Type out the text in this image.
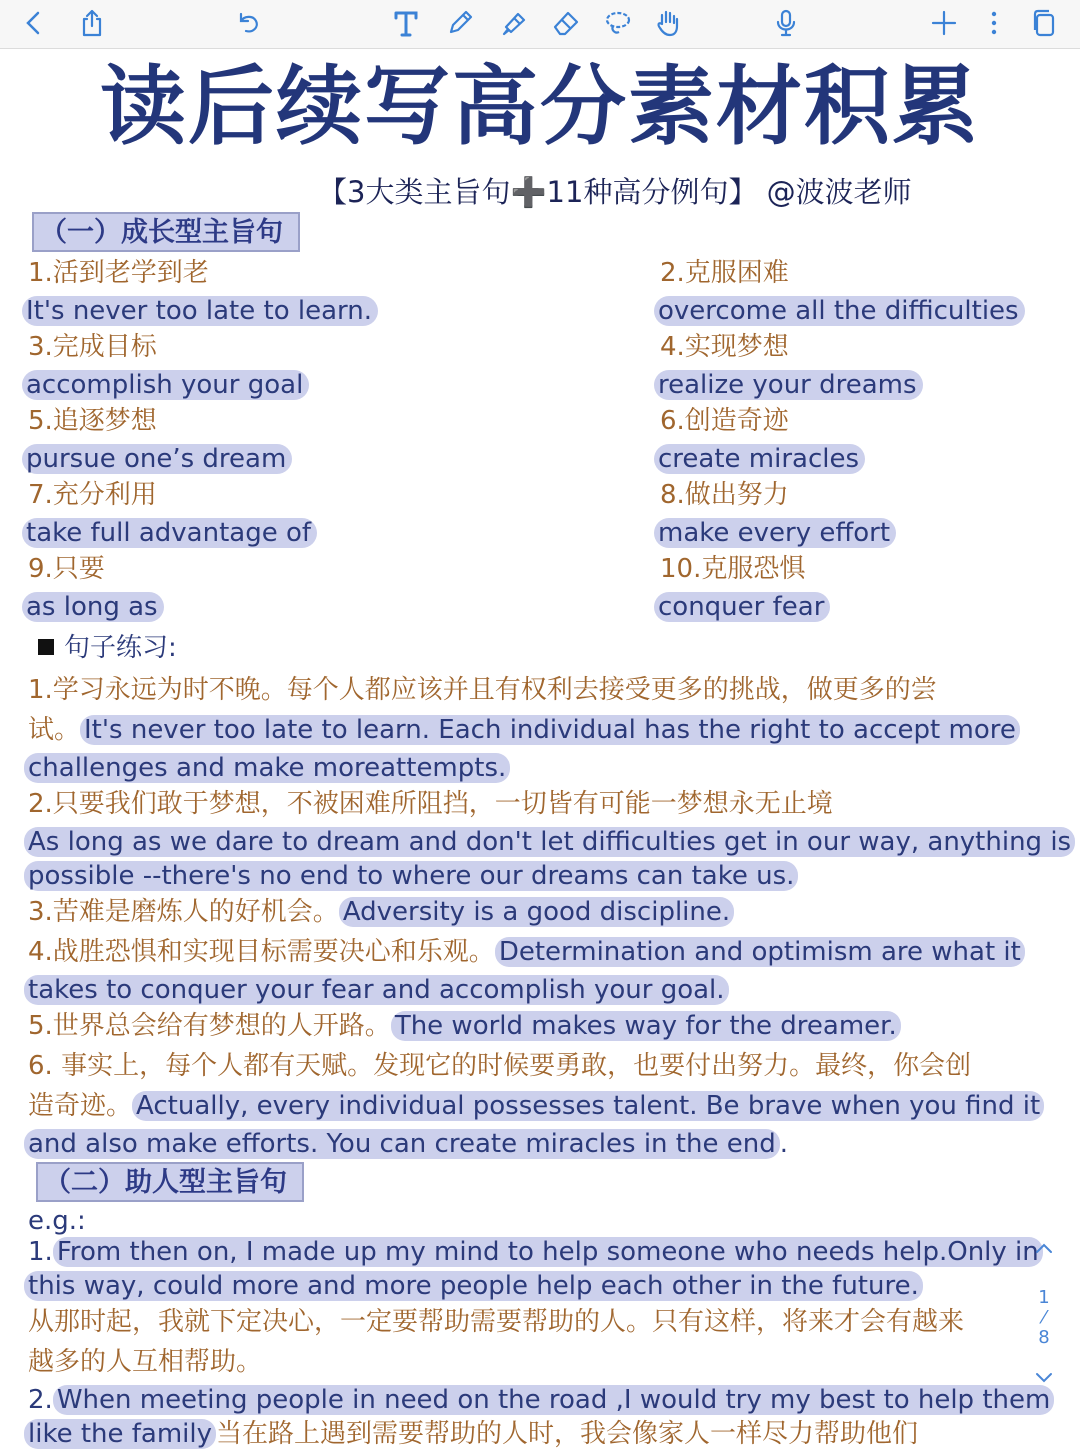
读后续写高分素材积累
【3大类主旨句➕11种高分例句】 @波波老师
（一）成长型主旨句
1.活到老学到老
It's never too late to learn.
2.克服困难
overcome all the difficulties
3.完成目标
accomplish your goal
4.实现梦想
realize your dreams
5.追逐梦想
pursue one’s dream
6.创造奇迹
create miracles
7.充分利用
take full advantage of
8.做出努力
make every effort
9.只要
as long as
10.克服恐惧
conquer fear
句子练习:
1.学习永远为时不晚。每个人都应该并且有权利去接受更多的挑战，做更多的尝
试。 It's never too late to learn. Each individual has the right to accept more
challenges and make moreattempts.
2.只要我们敢于梦想，不被困难所阻挡，一切皆有可能一梦想永无止境
As long as we dare to dream and don't let difficulties get in our way, anything is
possible --there's no end to where our dreams can take us.
3.苦难是磨炼人的好机会。 Adversity is a good discipline.
4.战胜恐惧和实现目标需要决心和乐观。 Determination and optimism are what it
takes to conquer your fear and accomplish your goal.
5.世界总会给有梦想的人开路。 The world makes way for the dreamer.
6. 事实上，每个人都有天赋。发现它的时候要勇敢，也要付出努力。最终，你会创
造奇迹。 Actually, every individual possesses talent. Be brave when you find it
and also make efforts. You can create miracles in the end .
（二）助人型主旨句
e.g.:
1. From then on, I made up my mind to help someone who needs help.Only in
this way, could more and more people help each other in the future.
从那时起，我就下定决心，一定要帮助需要帮助的人。只有这样，将来才会有越来
越多的人互相帮助。
2. When meeting people in need on the road ,I would try my best to help them
like the family 当在路上遇到需要帮助的人时，我会像家人一样尽力帮助他们
1
⁄
8
